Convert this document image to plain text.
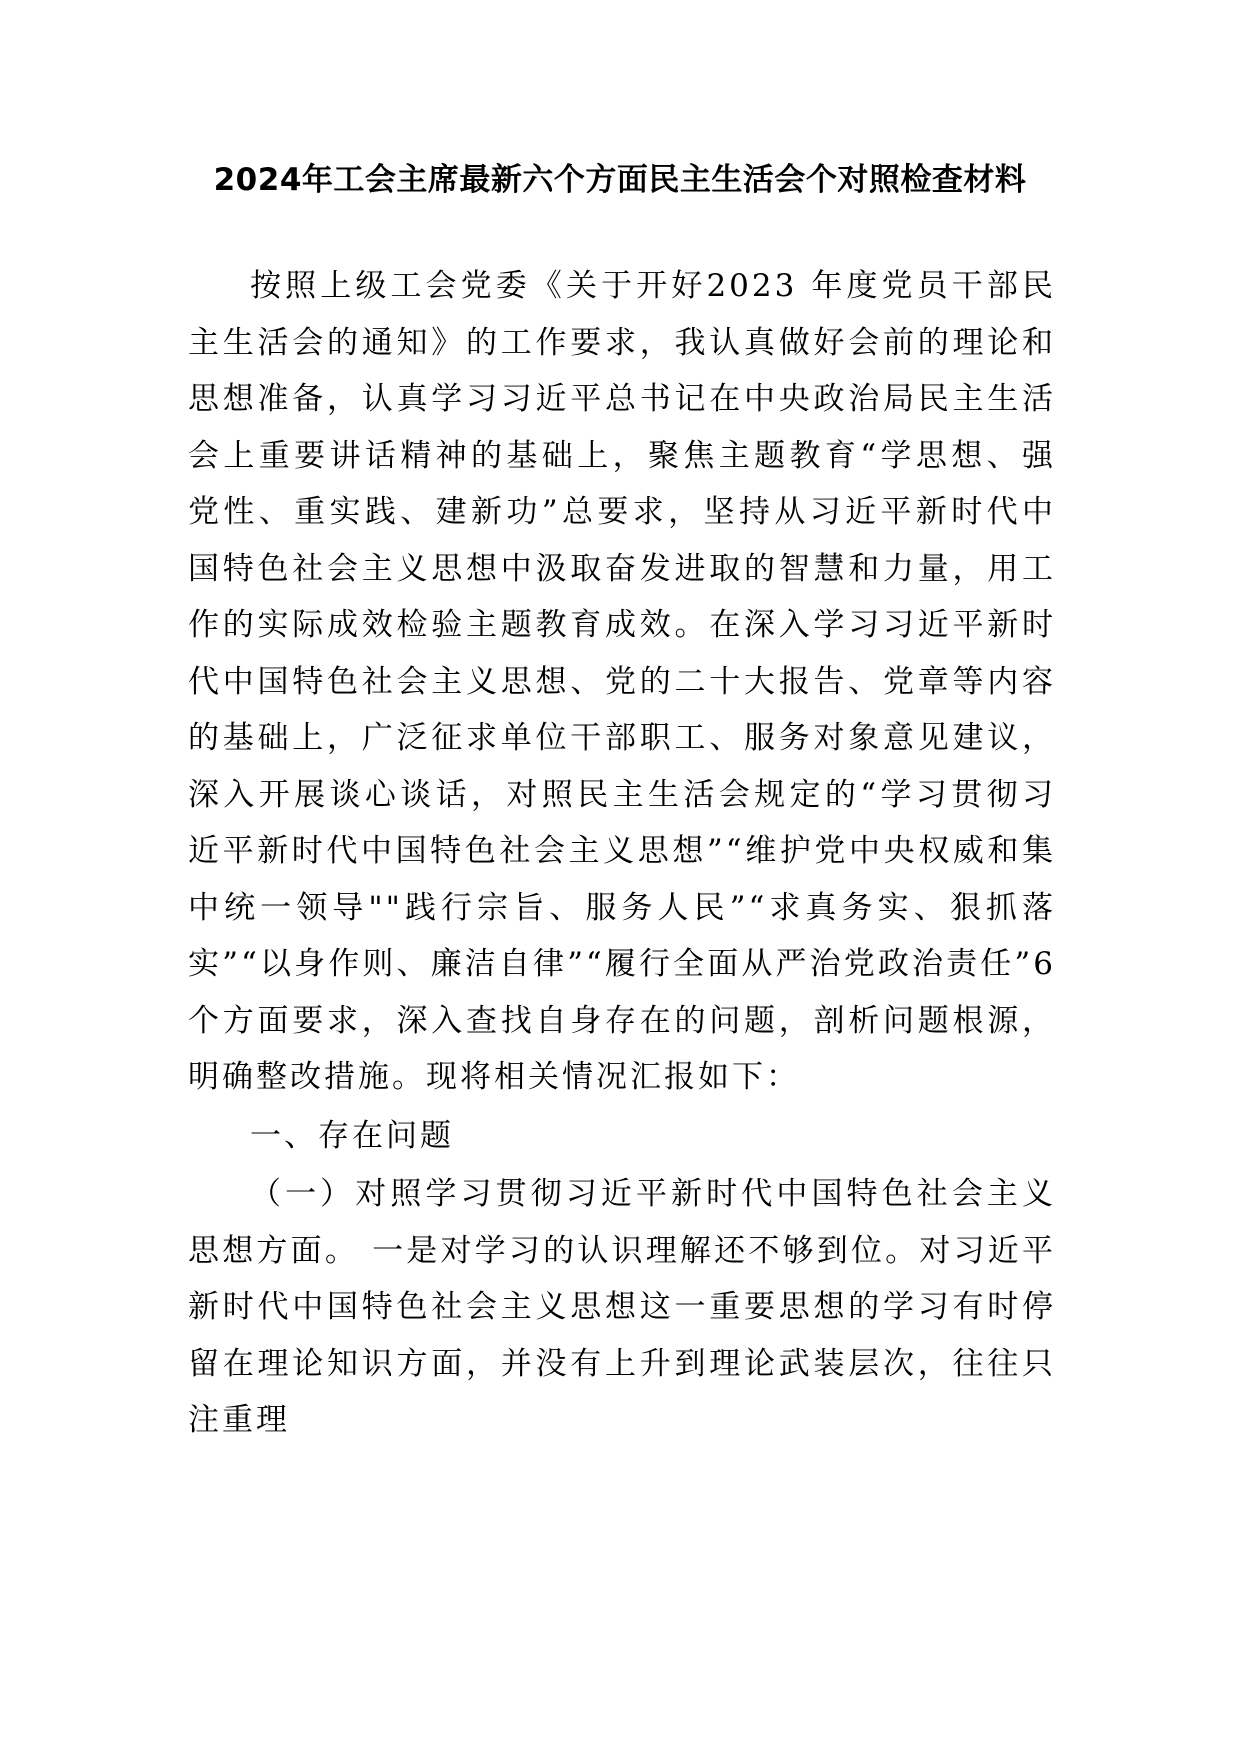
2024年工会主席最新六个方面民主生活会个对照检查材料

按照上级工会党委《关于开好2023 年度党员干部民主生活会的通知》的工作要求，我认真做好会前的理论和思想准备，认真学习习近平总书记在中央政治局民主生活会上重要讲话精神的基础上，聚焦主题教育“学思想、强党性、重实践、建新功”总要求，坚持从习近平新时代中国特色社会主义思想中汲取奋发进取的智慧和力量，用工作的实际成效检验主题教育成效。在深入学习习近平新时代中国特色社会主义思想、党的二十大报告、党章等内容的基础上，广泛征求单位干部职工、服务对象意见建议，深入开展谈心谈话，对照民主生活会规定的“学习贯彻习近平新时代中国特色社会主义思想”“维护党中央权威和集中统一领导""践行宗旨、服务人民”“求真务实、狠抓落实”“以身作则、廉洁自律”“履行全面从严治党政治责任”6个方面要求，深入查找自身存在的问题，剖析问题根源，明确整改措施。现将相关情况汇报如下：

一、存在问题

（一）对照学习贯彻习近平新时代中国特色社会主义思想方面。 一是对学习的认识理解还不够到位。对习近平新时代中国特色社会主义思想这一重要思想的学习有时停留在理论知识方面，并没有上升到理论武装层次，往往只注重理
